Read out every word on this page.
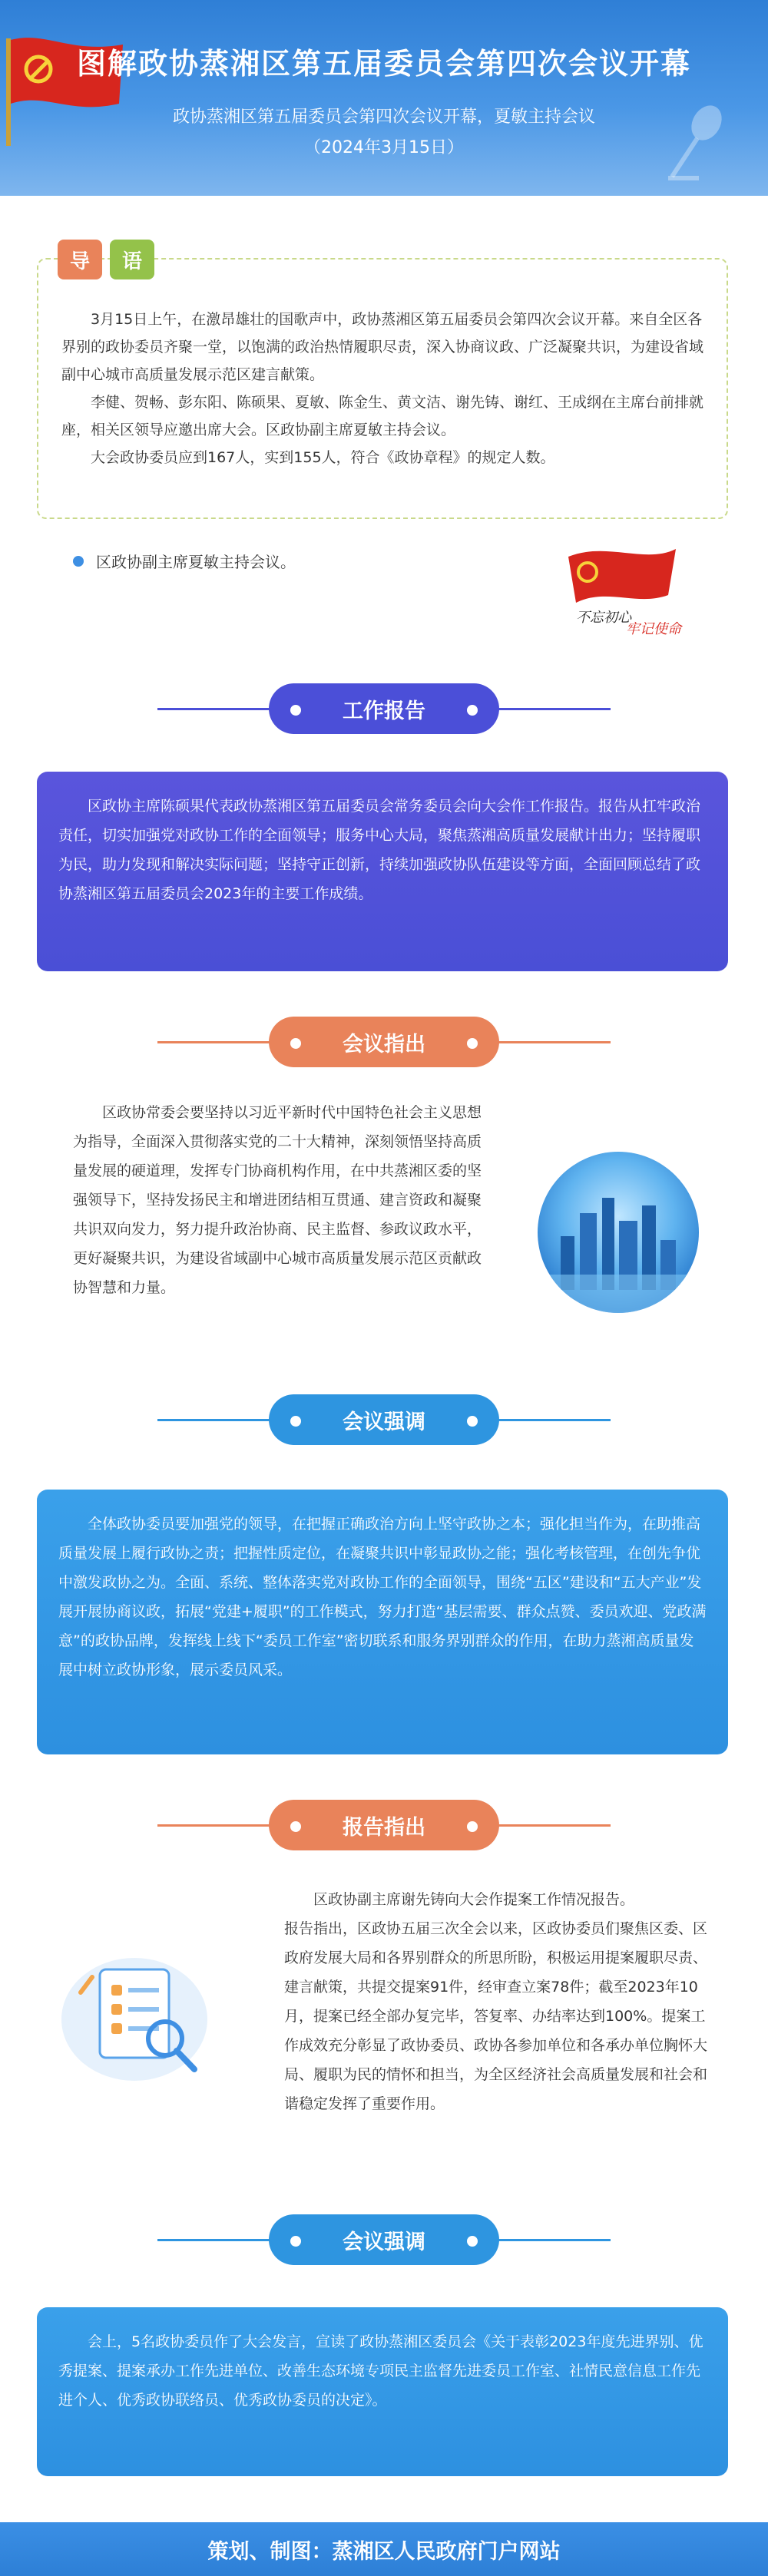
图解政协蒸湘区第五届委员会第四次会议开幕
政协蒸湘区第五届委员会第四次会议开幕，夏敏主持会议
（2024年3月15日）

3月15日上午，在激昂雄壮的国歌声中，政协蒸湘区第五届委员会第四次会议开幕。来自全区各界别的政协委员齐聚一堂，以饱满的政治热情履职尽责，深入协商议政、广泛凝聚共识，为建设省域副中心城市高质量发展示范区建言献策。

李健、贺畅、彭东阳、陈硕果、夏敏、陈金生、黄文洁、谢先铸、谢红、王成纲在主席台前排就座，相关区领导应邀出席大会。区政协副主席夏敏主持会议。

大会政协委员应到167人，实到155人，符合《政协章程》的规定人数。

导	语
区政协副主席夏敏主持会议。
不忘初心
牢记使命
工作报告

区政协主席陈硕果代表政协蒸湘区第五届委员会常务委员会向大会作工作报告。报告从扛牢政治责任，切实加强党对政协工作的全面领导；服务中心大局，聚焦蒸湘高质量发展献计出力；坚持履职为民，助力发现和解决实际问题；坚持守正创新，持续加强政协队伍建设等方面，全面回顾总结了政协蒸湘区第五届委员会2023年的主要工作成绩。

会议指出

区政协常委会要坚持以习近平新时代中国特色社会主义思想为指导，全面深入贯彻落实党的二十大精神，深刻领悟坚持高质量发展的硬道理，发挥专门协商机构作用，在中共蒸湘区委的坚强领导下，坚持发扬民主和增进团结相互贯通、建言资政和凝聚共识双向发力，努力提升政治协商、民主监督、参政议政水平，更好凝聚共识，为建设省域副中心城市高质量发展示范区贡献政协智慧和力量。

会议强调

全体政协委员要加强党的领导，在把握正确政治方向上坚守政协之本；强化担当作为，在助推高质量发展上履行政协之责；把握性质定位，在凝聚共识中彰显政协之能；强化考核管理，在创先争优中激发政协之为。全面、系统、整体落实党对政协工作的全面领导，围绕“五区”建设和“五大产业”发展开展协商议政，拓展“党建+履职”的工作模式，努力打造“基层需要、群众点赞、委员欢迎、党政满意”的政协品牌，发挥线上线下“委员工作室”密切联系和服务界别群众的作用，在助力蒸湘高质量发展中树立政协形象，展示委员风采。

报告指出

区政协副主席谢先铸向大会作提案工作情况报告。

报告指出，区政协五届三次全会以来，区政协委员们聚焦区委、区政府发展大局和各界别群众的所思所盼，积极运用提案履职尽责、建言献策，共提交提案91件，经审查立案78件；截至2023年10月，提案已经全部办复完毕，答复率、办结率达到100%。提案工作成效充分彰显了政协委员、政协各参加单位和各承办单位胸怀大局、履职为民的情怀和担当，为全区经济社会高质量发展和社会和谐稳定发挥了重要作用。

会议强调

会上，5名政协委员作了大会发言，宣读了政协蒸湘区委员会《关于表彰2023年度先进界别、优秀提案、提案承办工作先进单位、改善生态环境专项民主监督先进委员工作室、社情民意信息工作先进个人、优秀政协联络员、优秀政协委员的决定》。

策划、制图：蒸湘区人民政府门户网站
